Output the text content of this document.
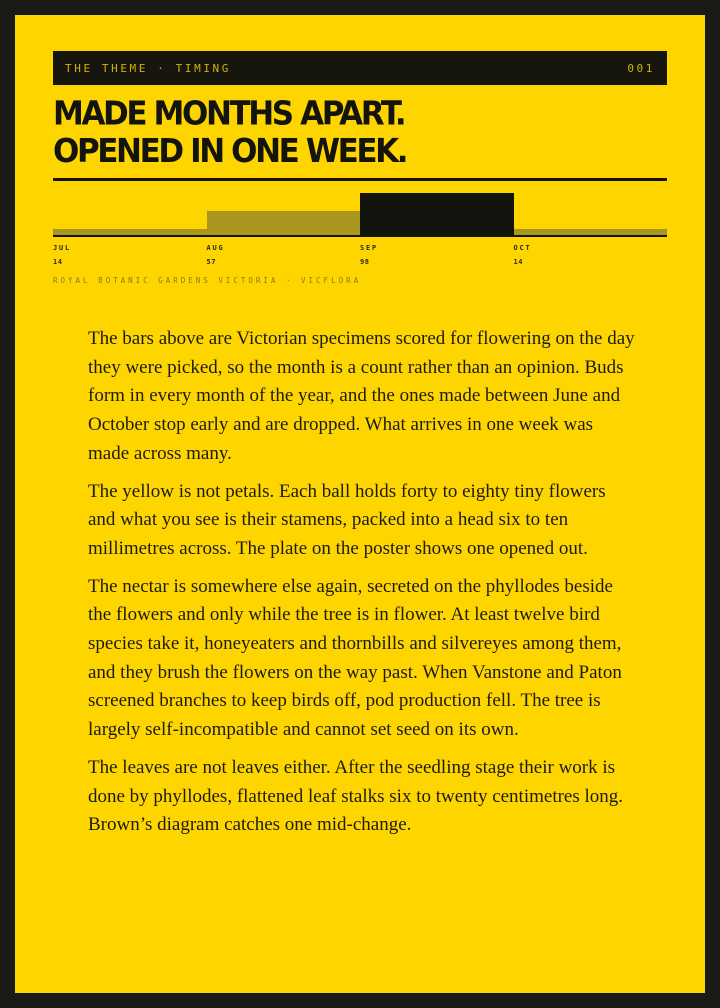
THE THEME · TIMING	001
MADE MONTHS APART.
OPENED IN ONE WEEK.
JUL
14
AUG
57
SEP
98
OCT
14
ROYAL BOTANIC GARDENS VICTORIA · VICFLORA

The bars above are Victorian specimens scored for flowering on the day they were picked, so the month is a count rather than an opinion. Buds form in every month of the year, and the ones made between June and October stop early and are dropped. What arrives in one week was made across many.

The yellow is not petals. Each ball holds forty to eighty tiny flowers and what you see is their stamens, packed into a head six to ten millimetres across. The plate on the poster shows one opened out.

The nectar is somewhere else again, secreted on the phyllodes beside the flowers and only while the tree is in flower. At least twelve bird species take it, honeyeaters and thornbills and silvereyes among them, and they brush the flowers on the way past. When Vanstone and Paton screened branches to keep birds off, pod production fell. The tree is largely self-incompatible and cannot set seed on its own.

The leaves are not leaves either. After the seedling stage their work is done by phyllodes, flattened leaf stalks six to twenty centimetres long. Brown’s diagram catches one mid-change.
